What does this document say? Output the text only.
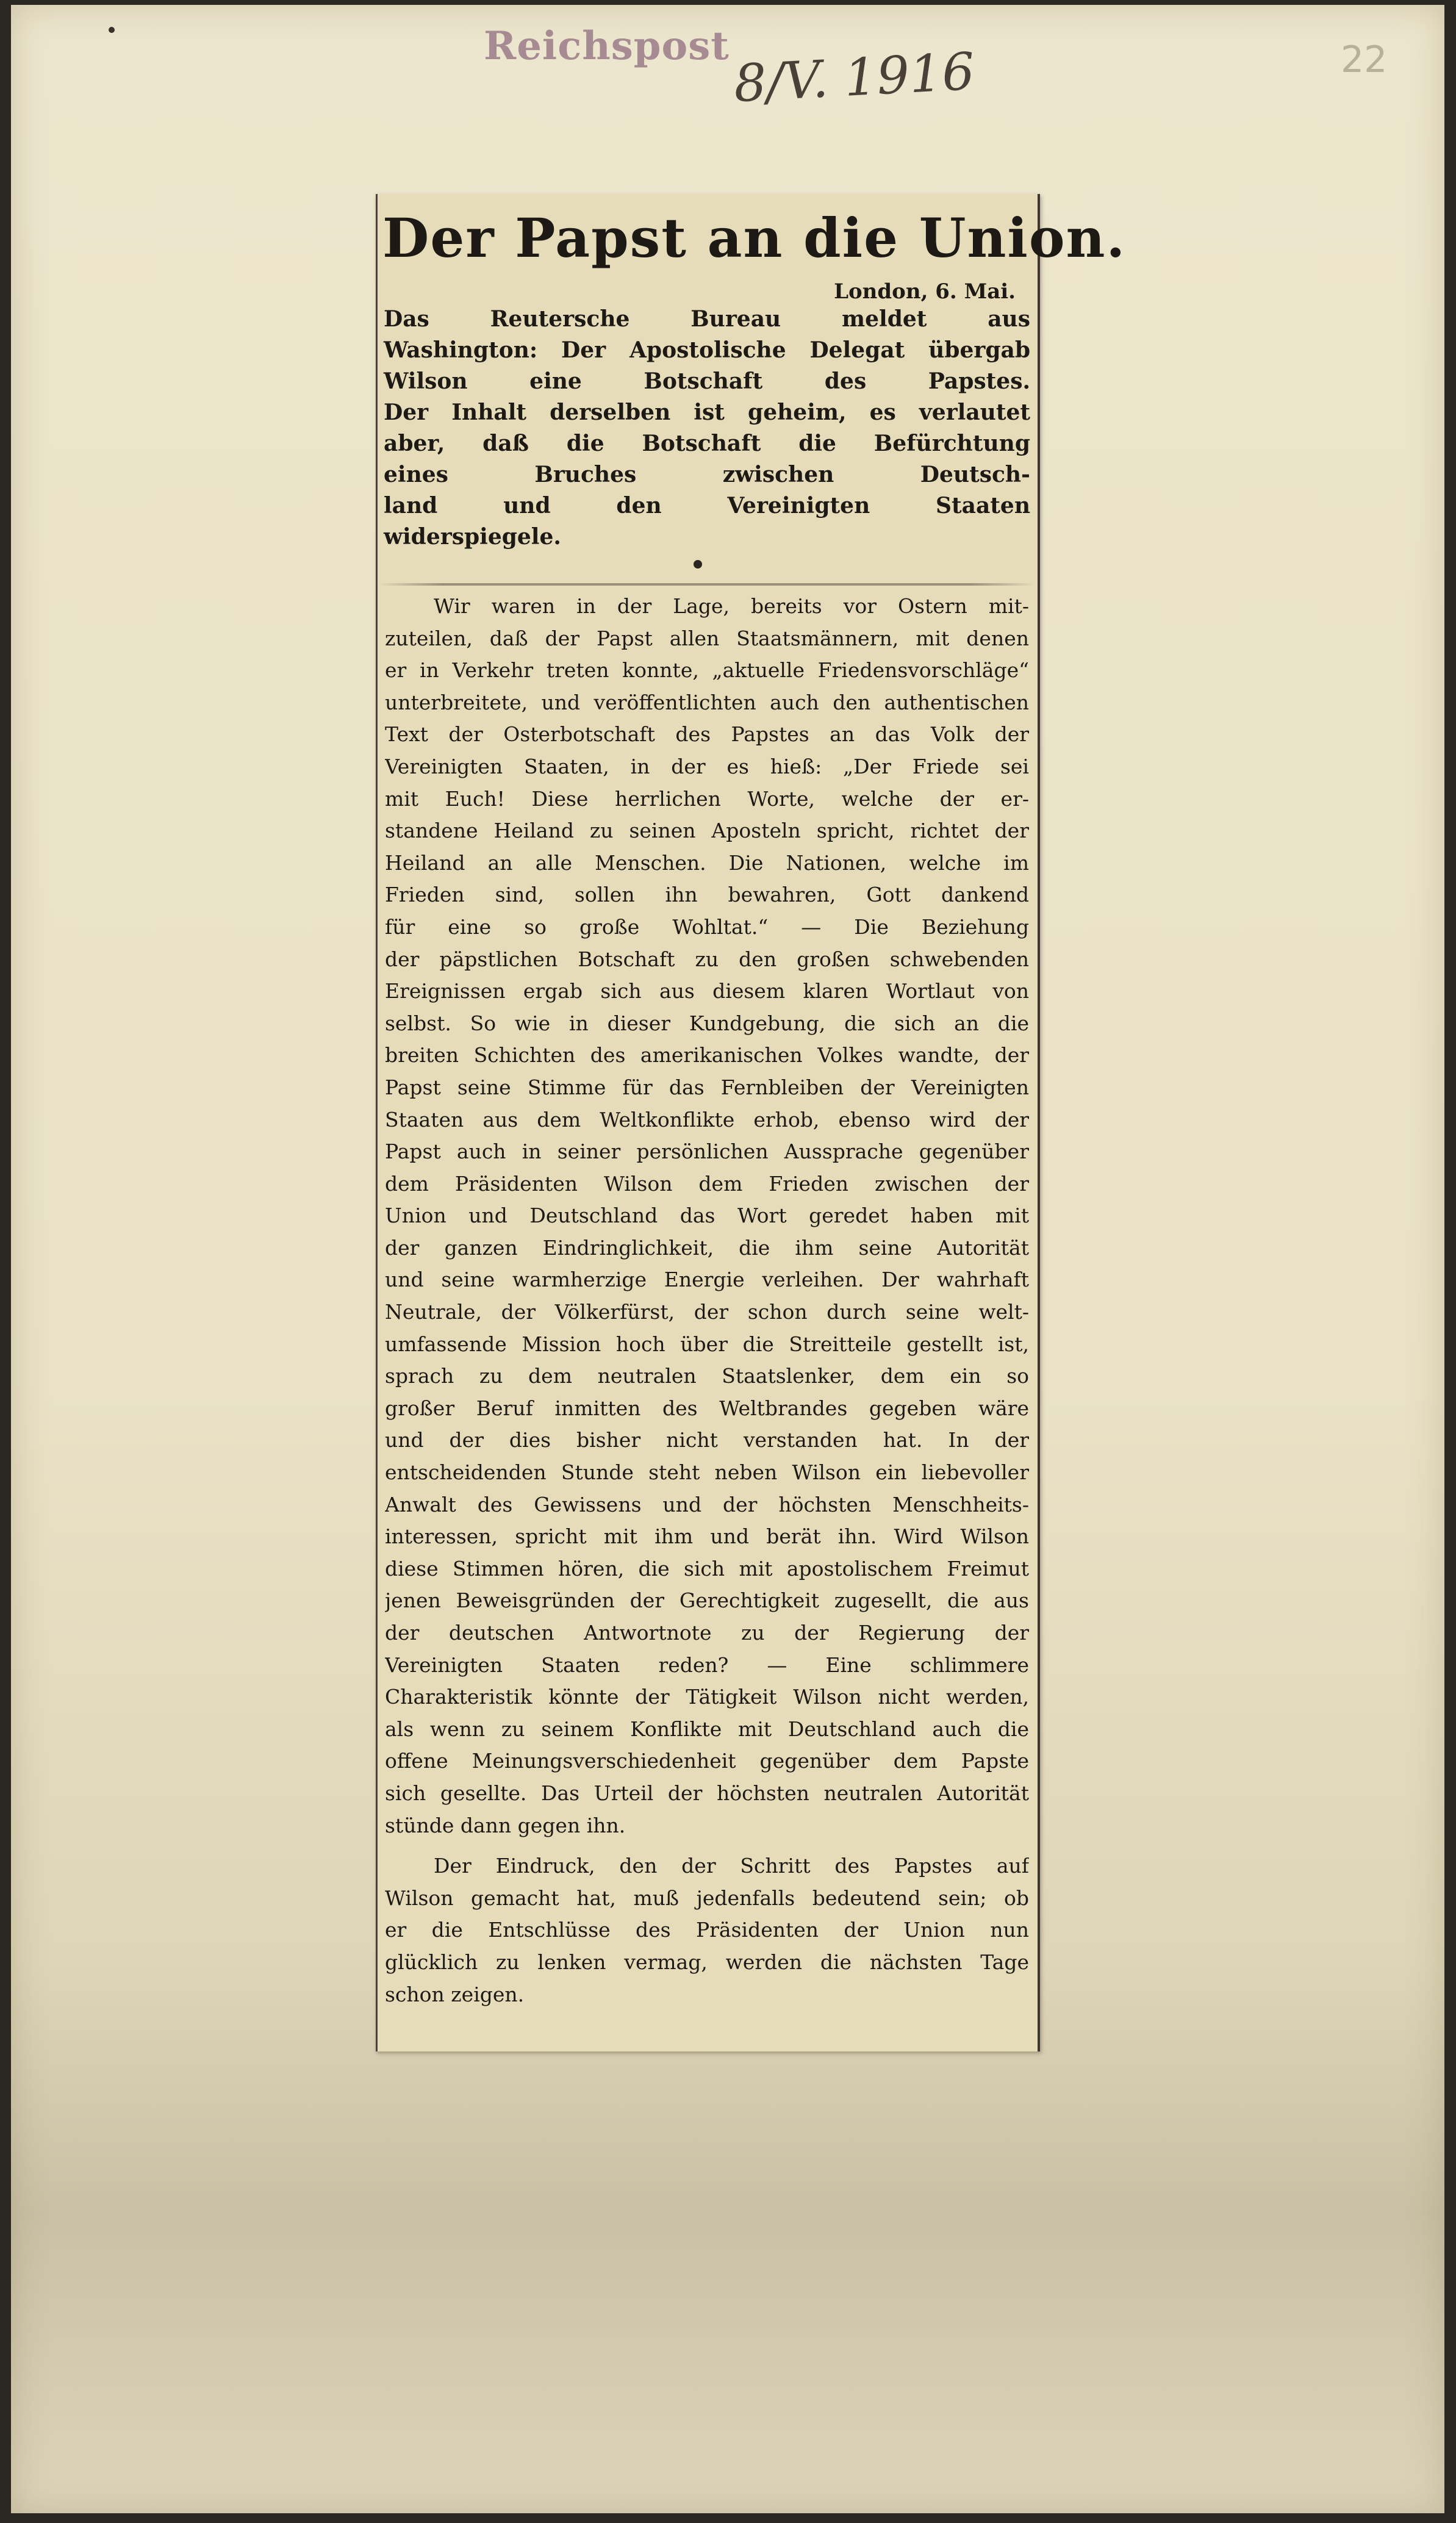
Reichspost 8/V. 1916	22
Der Papst an die Union.
London, 6. Mai.
Das Reutersche Bureau meldet aus
Washington: Der Apostolische Delegat übergab
Wilson eine Botschaft des Papstes.
Der Inhalt derselben ist geheim, es verlautet
aber, daß die Botschaft die Befürchtung
eines Bruches zwischen Deutsch-
land und den Vereinigten Staaten
widerspiegele.
Wir waren in der Lage, bereits vor Ostern mit-
zuteilen, daß der Papst allen Staatsmännern, mit denen
er in Verkehr treten konnte, „aktuelle Friedensvorschläge“
unterbreitete, und veröffentlichten auch den authentischen
Text der Osterbotschaft des Papstes an das Volk der
Vereinigten Staaten, in der es hieß: „Der Friede sei
mit Euch! Diese herrlichen Worte, welche der er-
standene Heiland zu seinen Aposteln spricht, richtet der
Heiland an alle Menschen. Die Nationen, welche im
Frieden sind, sollen ihn bewahren, Gott dankend
für eine so große Wohltat.“ — Die Beziehung
der päpstlichen Botschaft zu den großen schwebenden
Ereignissen ergab sich aus diesem klaren Wortlaut von
selbst. So wie in dieser Kundgebung, die sich an die
breiten Schichten des amerikanischen Volkes wandte, der
Papst seine Stimme für das Fernbleiben der Vereinigten
Staaten aus dem Weltkonflikte erhob, ebenso wird der
Papst auch in seiner persönlichen Aussprache gegenüber
dem Präsidenten Wilson dem Frieden zwischen der
Union und Deutschland das Wort geredet haben mit
der ganzen Eindringlichkeit, die ihm seine Autorität
und seine warmherzige Energie verleihen. Der wahrhaft
Neutrale, der Völkerfürst, der schon durch seine welt-
umfassende Mission hoch über die Streitteile gestellt ist,
sprach zu dem neutralen Staatslenker, dem ein so
großer Beruf inmitten des Weltbrandes gegeben wäre
und der dies bisher nicht verstanden hat. In der
entscheidenden Stunde steht neben Wilson ein liebevoller
Anwalt des Gewissens und der höchsten Menschheits-
interessen, spricht mit ihm und berät ihn. Wird Wilson
diese Stimmen hören, die sich mit apostolischem Freimut
jenen Beweisgründen der Gerechtigkeit zugesellt, die aus
der deutschen Antwortnote zu der Regierung der
Vereinigten Staaten reden? — Eine schlimmere
Charakteristik könnte der Tätigkeit Wilson nicht werden,
als wenn zu seinem Konflikte mit Deutschland auch die
offene Meinungsverschiedenheit gegenüber dem Papste
sich gesellte. Das Urteil der höchsten neutralen Autorität
stünde dann gegen ihn.
Der Eindruck, den der Schritt des Papstes auf
Wilson gemacht hat, muß jedenfalls bedeutend sein; ob
er die Entschlüsse des Präsidenten der Union nun
glücklich zu lenken vermag, werden die nächsten Tage
schon zeigen.
